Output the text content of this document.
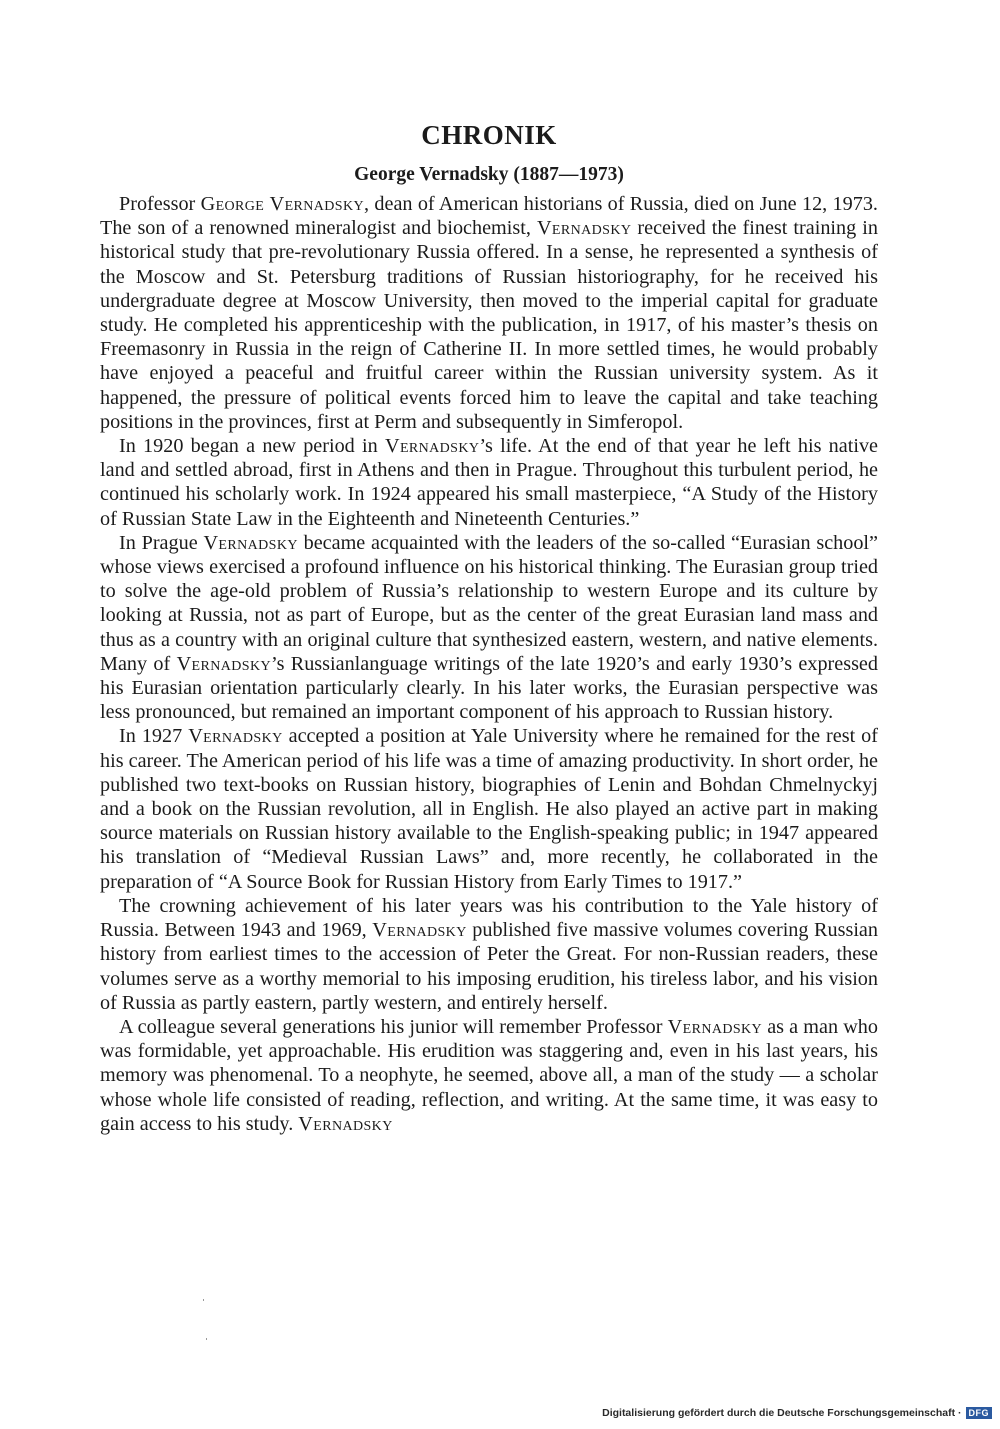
CHRONIK
George Vernadsky (1887—1973)

Professor George Vernadsky, dean of American historians of Russia, died on June 12, 1973. The son of a renowned mineralogist and biochemist, Vernadsky received the finest training in historical study that pre-revolutionary Russia offered. In a sense, he represented a synthesis of the Moscow and St. Petersburg traditions of Russian historiography, for he received his undergraduate degree at Moscow University, then moved to the imperial capital for graduate study. He completed his apprenticeship with the publication, in 1917, of his master’s thesis on Freemasonry in Russia in the reign of Catherine II. In more settled times, he would probably have enjoyed a peaceful and fruitful career within the Russian university system. As it happened, the pressure of political events forced him to leave the capital and take teaching positions in the provinces, first at Perm and subsequently in Simferopol.

In 1920 began a new period in Vernadsky’s life. At the end of that year he left his native land and settled abroad, first in Athens and then in Prague. Throughout this turbulent period, he continued his scholarly work. In 1924 appeared his small masterpiece, “A Study of the History of Russian State Law in the Eighteenth and Nineteenth Centuries.”

In Prague Vernadsky became acquainted with the leaders of the so-called “Eurasian school” whose views exercised a profound influence on his historical thinking. The Eurasian group tried to solve the age-old problem of Russia’s relationship to western Europe and its culture by looking at Russia, not as part of Europe, but as the center of the great Eurasian land mass and thus as a country with an original culture that synthesized eastern, western, and native elements. Many of Vernadsky’s Russianlanguage writings of the late 1920’s and early 1930’s expressed his Eurasian orientation particularly clearly. In his later works, the Eurasian perspective was less pronounced, but remained an important component of his approach to Russian history.

In 1927 Vernadsky accepted a position at Yale University where he remained for the rest of his career. The American period of his life was a time of amazing productivity. In short order, he published two text-books on Russian history, biographies of Lenin and Bohdan Chmelnyckyj and a book on the Russian revolution, all in English. He also played an active part in making source materials on Russian history available to the English-speaking public; in 1947 appeared his translation of “Medieval Russian Laws” and, more recently, he collaborated in the preparation of “A Source Book for Russian History from Early Times to 1917.”

The crowning achievement of his later years was his contribution to the Yale history of Russia. Between 1943 and 1969, Vernadsky published five massive volumes covering Russian history from earliest times to the accession of Peter the Great. For non-Russian readers, these volumes serve as a worthy memorial to his imposing erudition, his tireless labor, and his vision of Russia as partly eastern, partly western, and entirely herself.

A colleague several generations his junior will remember Professor Vernadsky as a man who was formidable, yet approachable. His erudition was staggering and, even in his last years, his memory was phenomenal. To a neophyte, he seemed, above all, a man of the study — a scholar whose whole life consisted of reading, reflection, and writing. At the same time, it was easy to gain access to his study. Vernadsky

Digitalisierung gefördert durch die Deutsche Forschungsgemeinschaft · DFG
